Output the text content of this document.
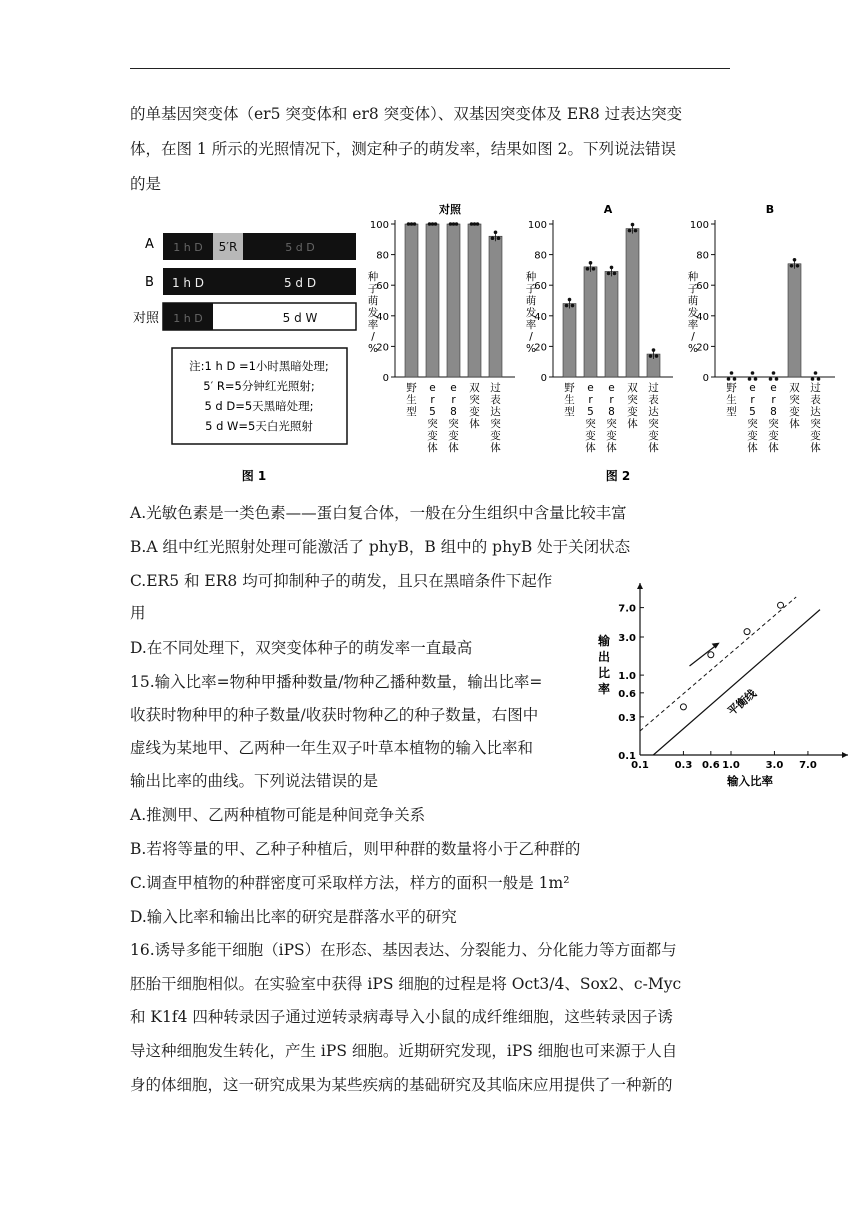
的单基因突变体（er5 突变体和 er8 突变体）、双基因突变体及 ER8 过表达突变
体，在图 1 所示的光照情况下，测定种子的萌发率，结果如图 2。下列说法错误
的是
A 1 h D 5′R	5 d D
B 1 h D	5 d D
对照 1 h D	5 d W
注:1 h D =1小时黑暗处理;
5′ R=5分钟红光照射;
5 d D=5天黑暗处理;
5 d W=5天白光照射
图 1	图 2
对照
0
20
40
60
80
100
种
子
萌
发
率
/
%
野生型
e r 5 突变体
e r 8 突变体
双突变体
过表达突变体
A
0
20
40
60
80
100
种
子
萌
发
率
/
%
野生型
e r 5 突变体
e r 8 突变体
双突变体
过表达突变体
B
0
20
40
60
80
100
种
子
萌
发
率
/
%
野生型
e r 5 突变体
e r 8 突变体
双突变体
过表达突变体
A.光敏色素是一类色素——蛋白复合体，一般在分生组织中含量比较丰富
B.A 组中红光照射处理可能激活了 phyB，B 组中的 phyB 处于关闭状态
C.ER5 和 ER8 均可抑制种子的萌发，且只在黑暗条件下起作
用
D.在不同处理下，双突变体种子的萌发率一直最高
15.输入比率=物种甲播种数量/物种乙播种数量，输出比率=
收获时物种甲的种子数量/收获时物种乙的种子数量，右图中
虚线为某地甲、乙两种一年生双子叶草本植物的输入比率和
输出比率的曲线。下列说法错误的是
A.推测甲、乙两种植物可能是种间竞争关系
B.若将等量的甲、乙种子种植后，则甲种群的数量将小于乙种群的
C.调查甲植物的种群密度可采取样方法，样方的面积一般是 1m²
D.输入比率和输出比率的研究是群落水平的研究
0.1	0.3 0.6 1.0	3.0 7.0
0.1
0.3
0.6
1.0
3.0
7.0
输入比率
输
出
比
率	平衡线
16.诱导多能干细胞（iPS）在形态、基因表达、分裂能力、分化能力等方面都与
胚胎干细胞相似。在实验室中获得 iPS 细胞的过程是将 Oct3/4、Sox2、c-Myc
和 K1f4 四种转录因子通过逆转录病毒导入小鼠的成纤维细胞，这些转录因子诱
导这种细胞发生转化，产生 iPS 细胞。近期研究发现，iPS 细胞也可来源于人自
身的体细胞，这一研究成果为某些疾病的基础研究及其临床应用提供了一种新的
